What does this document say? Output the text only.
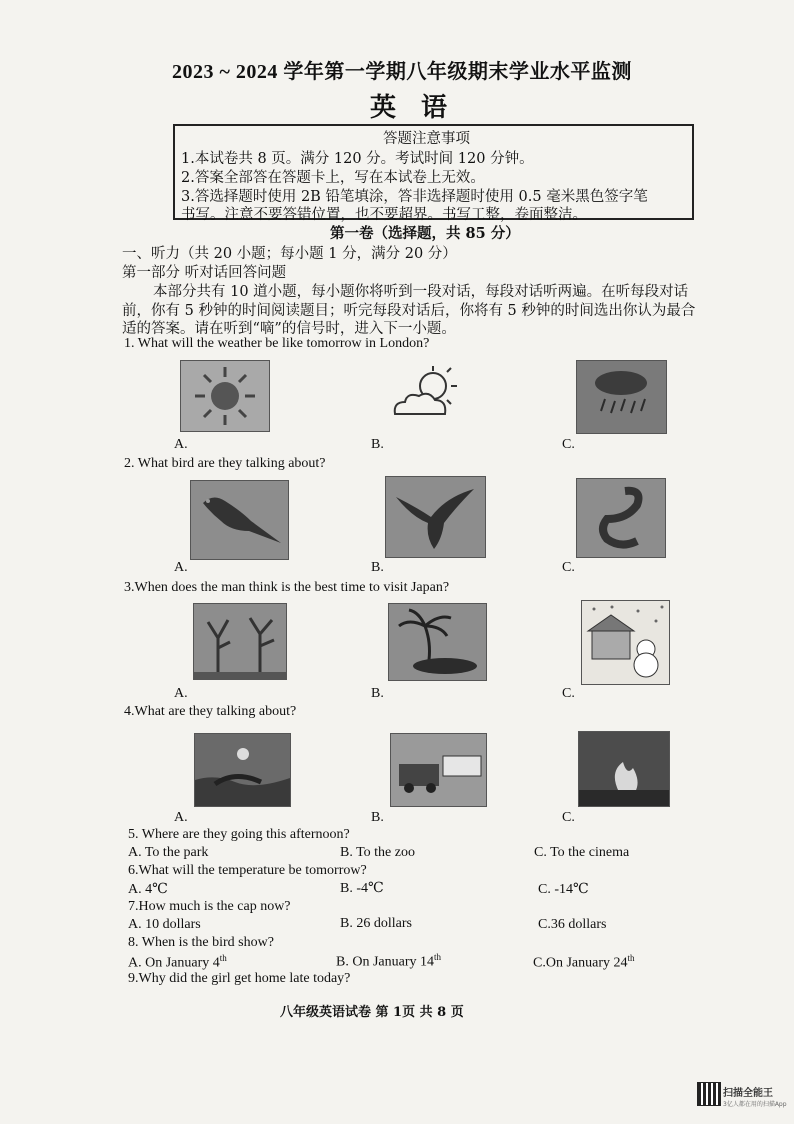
2023 ~ 2024 学年第一学期八年级期末学业水平监测
英 语
答题注意事项
1.本试卷共 8 页。满分 120 分。考试时间 120 分钟。
2.答案全部答在答题卡上，写在本试卷上无效。
3.答选择题时使用 2B 铅笔填涂，答非选择题时使用 0.5 毫米黑色签字笔
书写。注意不要答错位置，也不要超界。书写工整，卷面整洁。
第一卷（选择题，共 85 分）
一、听力（共 20 小题；每小题 1 分，满分 20 分）
第一部分 听对话回答问题
本部分共有 10 道小题，每小题你将听到一段对话，每段对话听两遍。在听每段对话
前，你有 5 秒钟的时间阅读题目；听完每段对话后，你将有 5 秒钟的时间选出你认为最合
适的答案。请在听到“嘀”的信号时，进入下一小题。
1. What will the weather be like tomorrow in London?
A.	B.	C.
2. What bird are they talking about?
A.	B.	C.
3.When does the man think is the best time to visit Japan?
A.	B.	C.
4.What are they talking about?
A.	B.	C.
5. Where are they going this afternoon?
A. To the park	B. To the zoo	C. To the cinema
6.What will the temperature be tomorrow?
A. 4℃	B. -4℃	C. -14℃
7.How much is the cap now?
A. 10 dollars	B. 26 dollars	C.36 dollars
8. When is the bird show?
A. On January 4th	B. On January 14th	C.On January 24th
9.Why did the girl get home late today?
八年级英语试卷 第 1页 共 8 页
扫描全能王
3亿人都在用的扫描App
